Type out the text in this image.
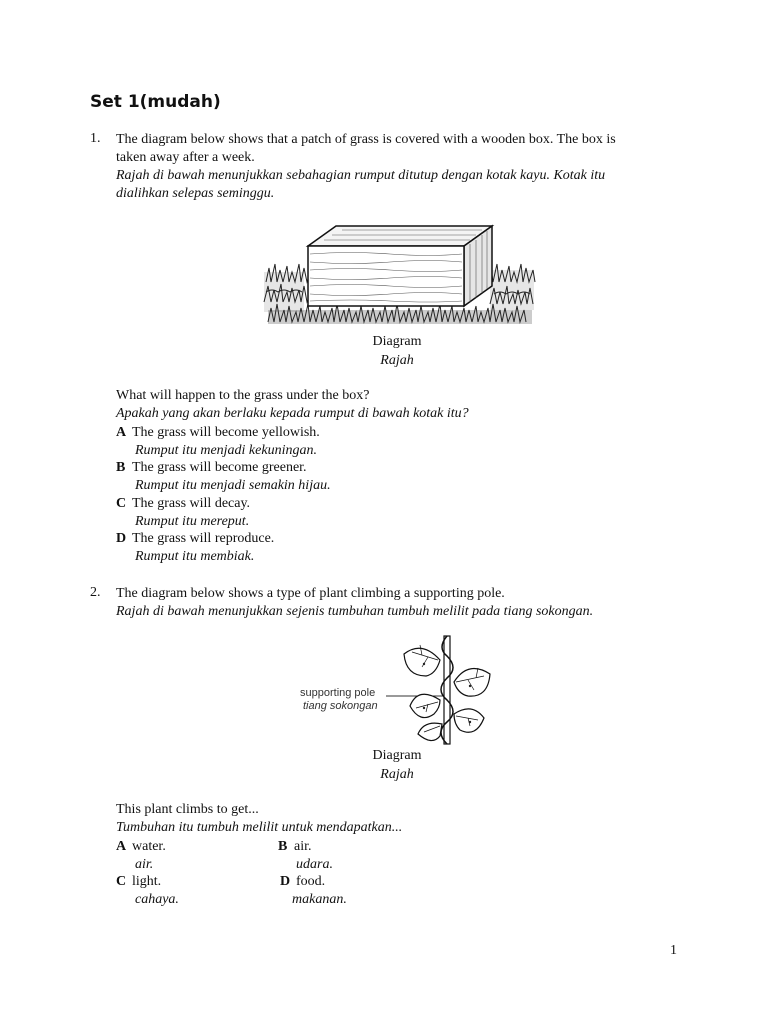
Set 1(mudah)
1. The diagram below shows that a patch of grass is covered with a wooden box. The box is
taken away after a week.
Rajah di bawah menunjukkan sebahagian rumput ditutup dengan kotak kayu. Kotak itu
dialihkan selepas seminggu.
Diagram
Rajah
What will happen to the grass under the box?
Apakah yang akan berlaku kepada rumput di bawah kotak itu?
A The grass will become yellowish.
Rumput itu menjadi kekuningan.
B The grass will become greener.
Rumput itu menjadi semakin hijau.
C The grass will decay.
Rumput itu mereput.
D The grass will reproduce.
Rumput itu membiak.
2. The diagram below shows a type of plant climbing a supporting pole.
Rajah di bawah menunjukkan sejenis tumbuhan tumbuh melilit pada tiang sokongan.
supporting pole
tiang sokongan
Diagram
Rajah
This plant climbs to get...
Tumbuhan itu tumbuh melilit untuk mendapatkan...
A water.
air.
B air.
udara.
C light.
cahaya.
D food.
makanan.
1
